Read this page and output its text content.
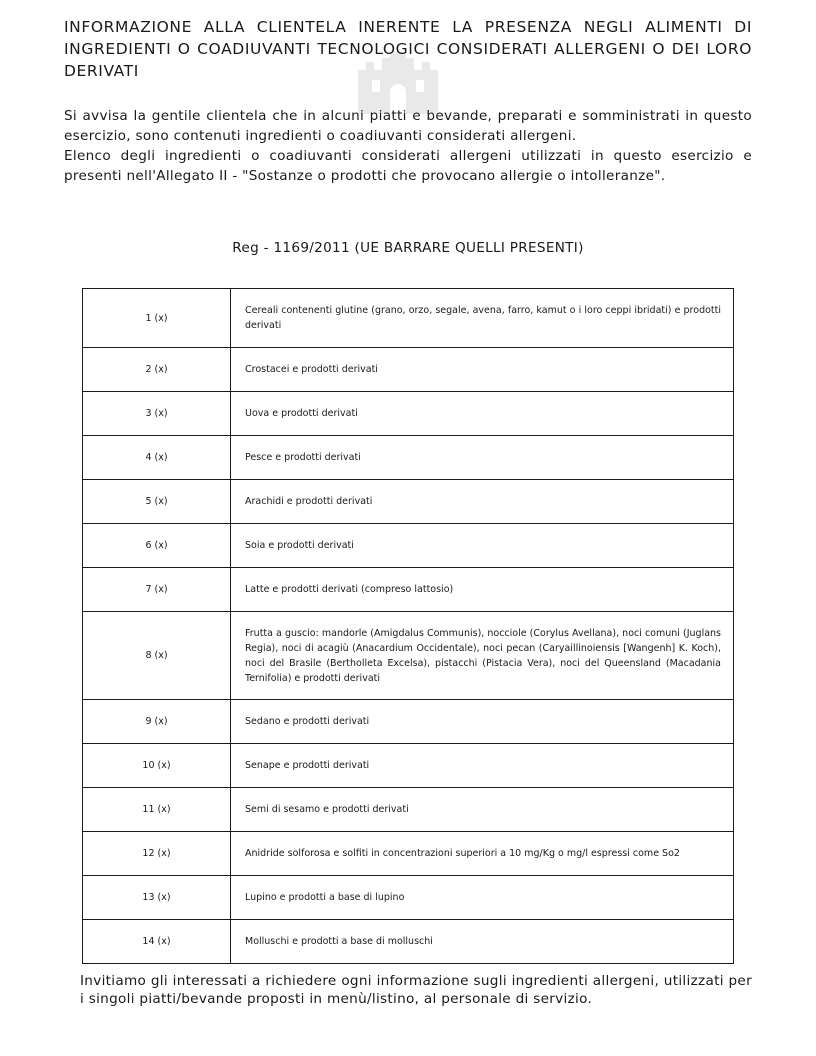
INFORMAZIONE ALLA CLIENTELA INERENTE LA PRESENZA NEGLI ALIMENTI DI INGREDIENTI O COADIUVANTI TECNOLOGICI CONSIDERATI ALLERGENI O DEI LORO DERIVATI

Si avvisa la gentile clientela che in alcuni piatti e bevande, preparati e somministrati in questo esercizio, sono contenuti ingredienti o coadiuvanti considerati allergeni.

Elenco degli ingredienti o coadiuvanti considerati allergeni utilizzati in questo esercizio e presenti nell'Allegato II - "Sostanze o prodotti che provocano allergie o intolleranze".

Reg - 1169/2011 (UE BARRARE QUELLI PRESENTI)
1 (x)	Cereali contenenti glutine (grano, orzo, segale, avena, farro, kamut o i loro ceppi ibridati) e prodotti derivati
2 (x)	Crostacei e prodotti derivati
3 (x)	Uova e prodotti derivati
4 (x)	Pesce e prodotti derivati
5 (x)	Arachidi e prodotti derivati
6 (x)	Soia e prodotti derivati
7 (x)	Latte e prodotti derivati (compreso lattosio)
8 (x)	Frutta a guscio: mandorle (Amigdalus Communis), nocciole (Corylus Avellana), noci comuni (Juglans Regia), noci di acagiù (Anacardium Occidentale), noci pecan (Caryaillinoiensis [Wangenh] K. Koch), noci del Brasile (Bertholleta Excelsa), pistacchi (Pistacia Vera), noci del Queensland (Macadania Ternifolia) e prodotti derivati
9 (x)	Sedano e prodotti derivati
10 (x)	Senape e prodotti derivati
11 (x)	Semi di sesamo e prodotti derivati
12 (x)	Anidride solforosa e solfiti in concentrazioni superiori a 10 mg/Kg o mg/l espressi come So2
13 (x)	Lupino e prodotti a base di lupino
14 (x)	Molluschi e prodotti a base di molluschi

Invitiamo gli interessati a richiedere ogni informazione sugli ingredienti allergeni, utilizzati per i singoli piatti/bevande proposti in menù/listino, al personale di servizio.
